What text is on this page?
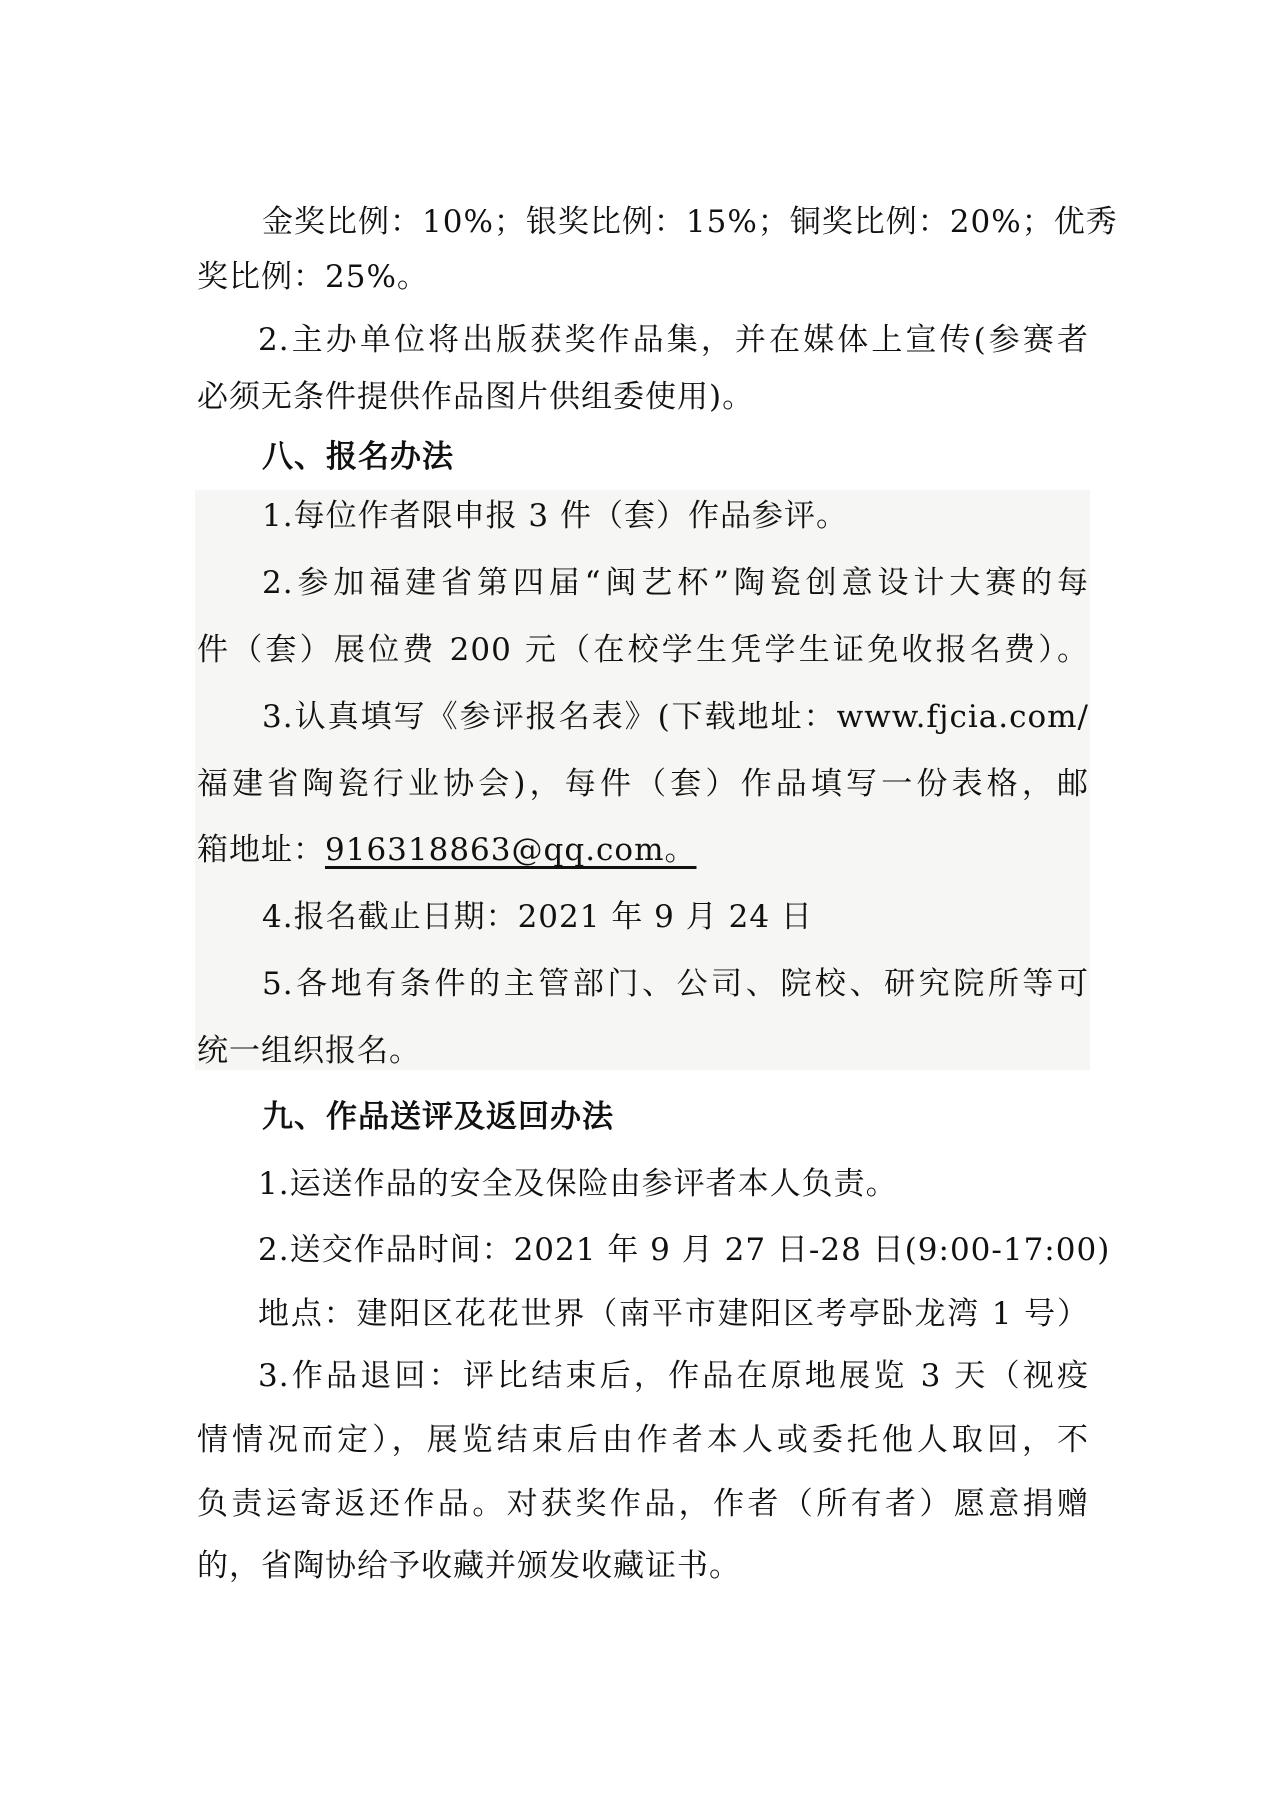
金奖比例：10%；银奖比例：15%；铜奖比例：20%；优秀
奖比例：25%。
2.主办单位将出版获奖作品集，并在媒体上宣传(参赛者
必须无条件提供作品图片供组委使用)。
八、报名办法
1.每位作者限申报 3 件（套）作品参评。
2.参加福建省第四届“闽艺杯”陶瓷创意设计大赛的每
件（套）展位费 200 元（在校学生凭学生证免收报名费）。
3.认真填写《参评报名表》(下载地址：www.fjcia.com/
福建省陶瓷行业协会)，每件（套）作品填写一份表格，邮
箱地址：916318863@qq.com。
4.报名截止日期：2021 年 9 月 24 日
5.各地有条件的主管部门、公司、院校、研究院所等可
统一组织报名。
九、作品送评及返回办法
1.运送作品的安全及保险由参评者本人负责。
2.送交作品时间：2021 年 9 月 27 日-28 日(9:00-17:00)
地点：建阳区花花世界（南平市建阳区考亭卧龙湾 1 号）
3.作品退回：评比结束后，作品在原地展览 3 天（视疫
情情况而定），展览结束后由作者本人或委托他人取回，不
负责运寄返还作品。对获奖作品，作者（所有者）愿意捐赠
的，省陶协给予收藏并颁发收藏证书。
